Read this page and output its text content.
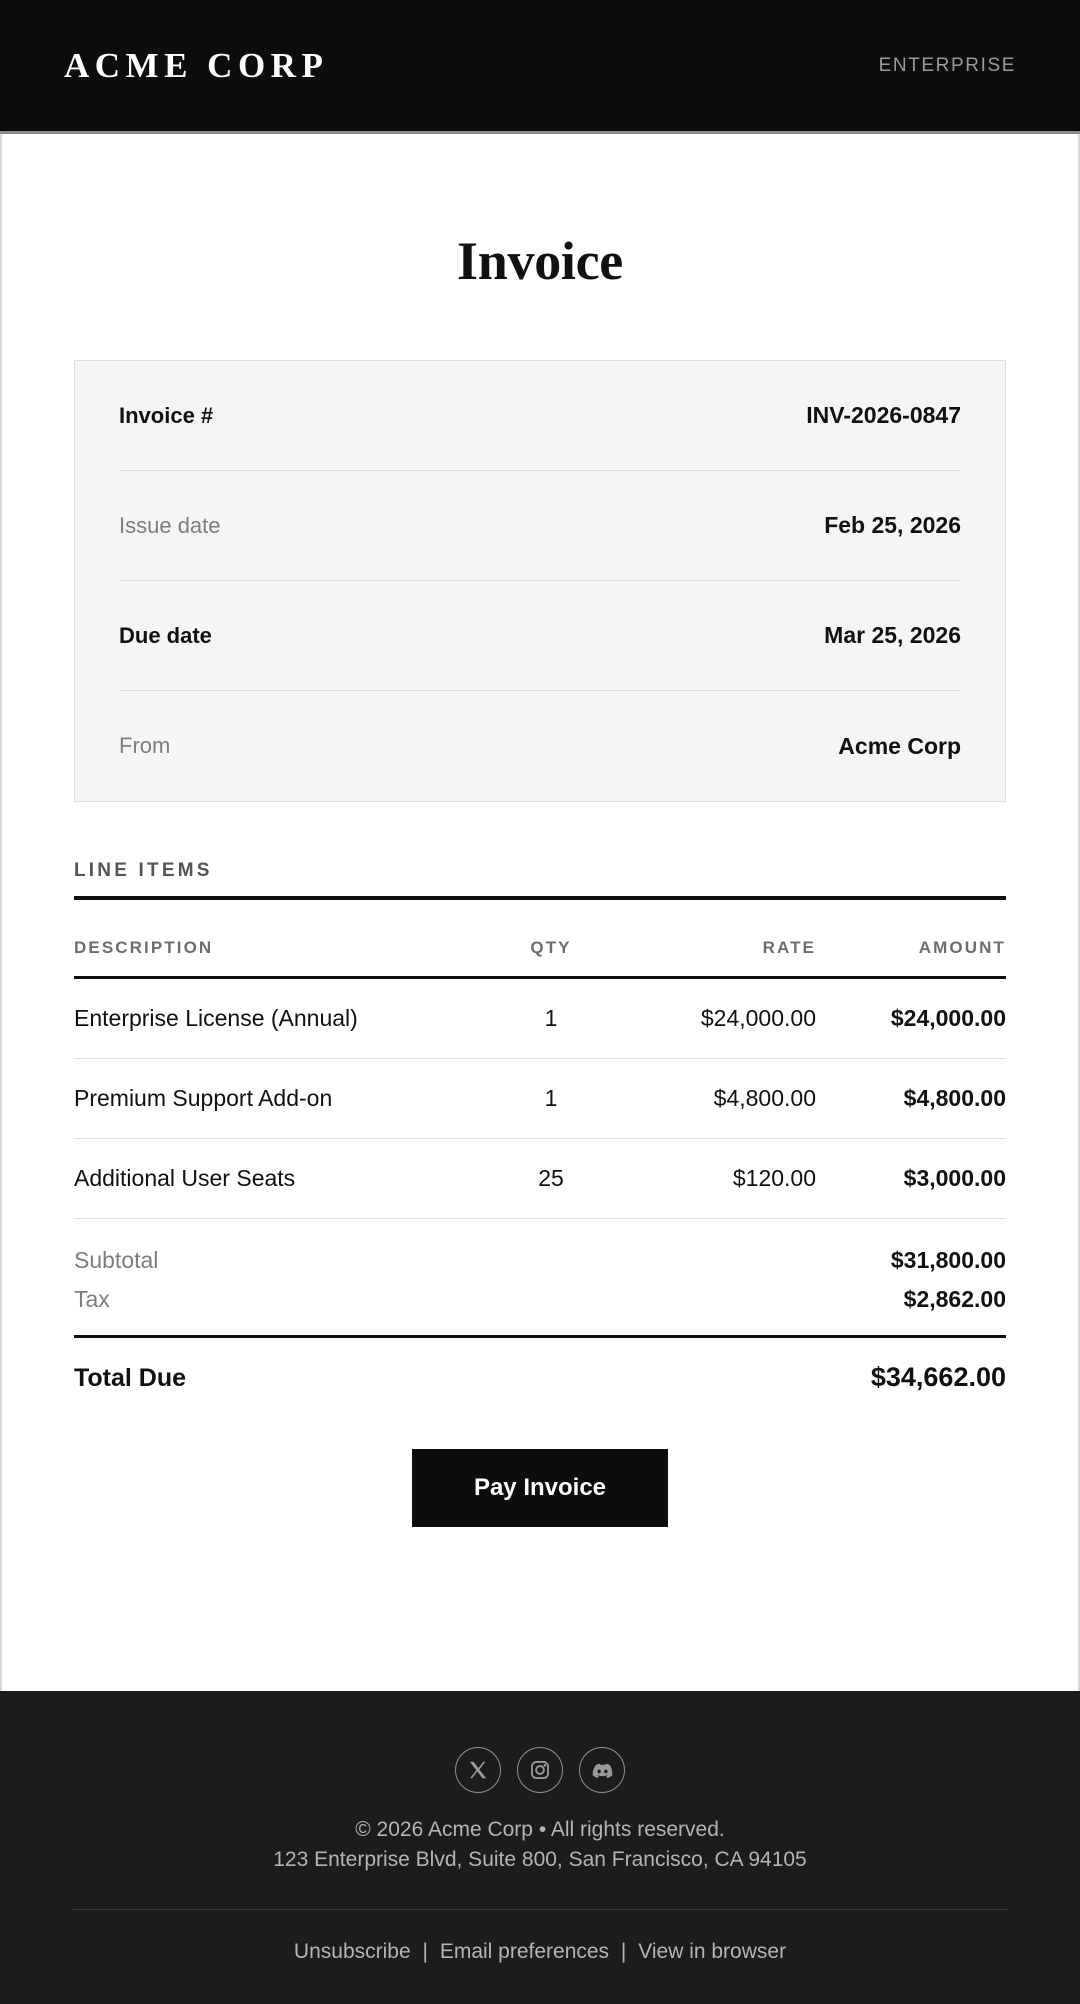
ACME CORP	ENTERPRISE
Invoice
Invoice #	INV-2026-0847
Issue date	Feb 25, 2026
Due date	Mar 25, 2026
From	Acme Corp
LINE ITEMS
DESCRIPTION	QTY	RATE	AMOUNT
Enterprise License (Annual)	1	$24,000.00	$24,000.00
Premium Support Add-on	1	$4,800.00	$4,800.00
Additional User Seats	25	$120.00	$3,000.00
Subtotal	$31,800.00
Tax	$2,862.00
Total Due	$34,662.00
Pay Invoice
© 2026 Acme Corp • All rights reserved.
123 Enterprise Blvd, Suite 800, San Francisco, CA 94105
Unsubscribe | Email preferences | View in browser
